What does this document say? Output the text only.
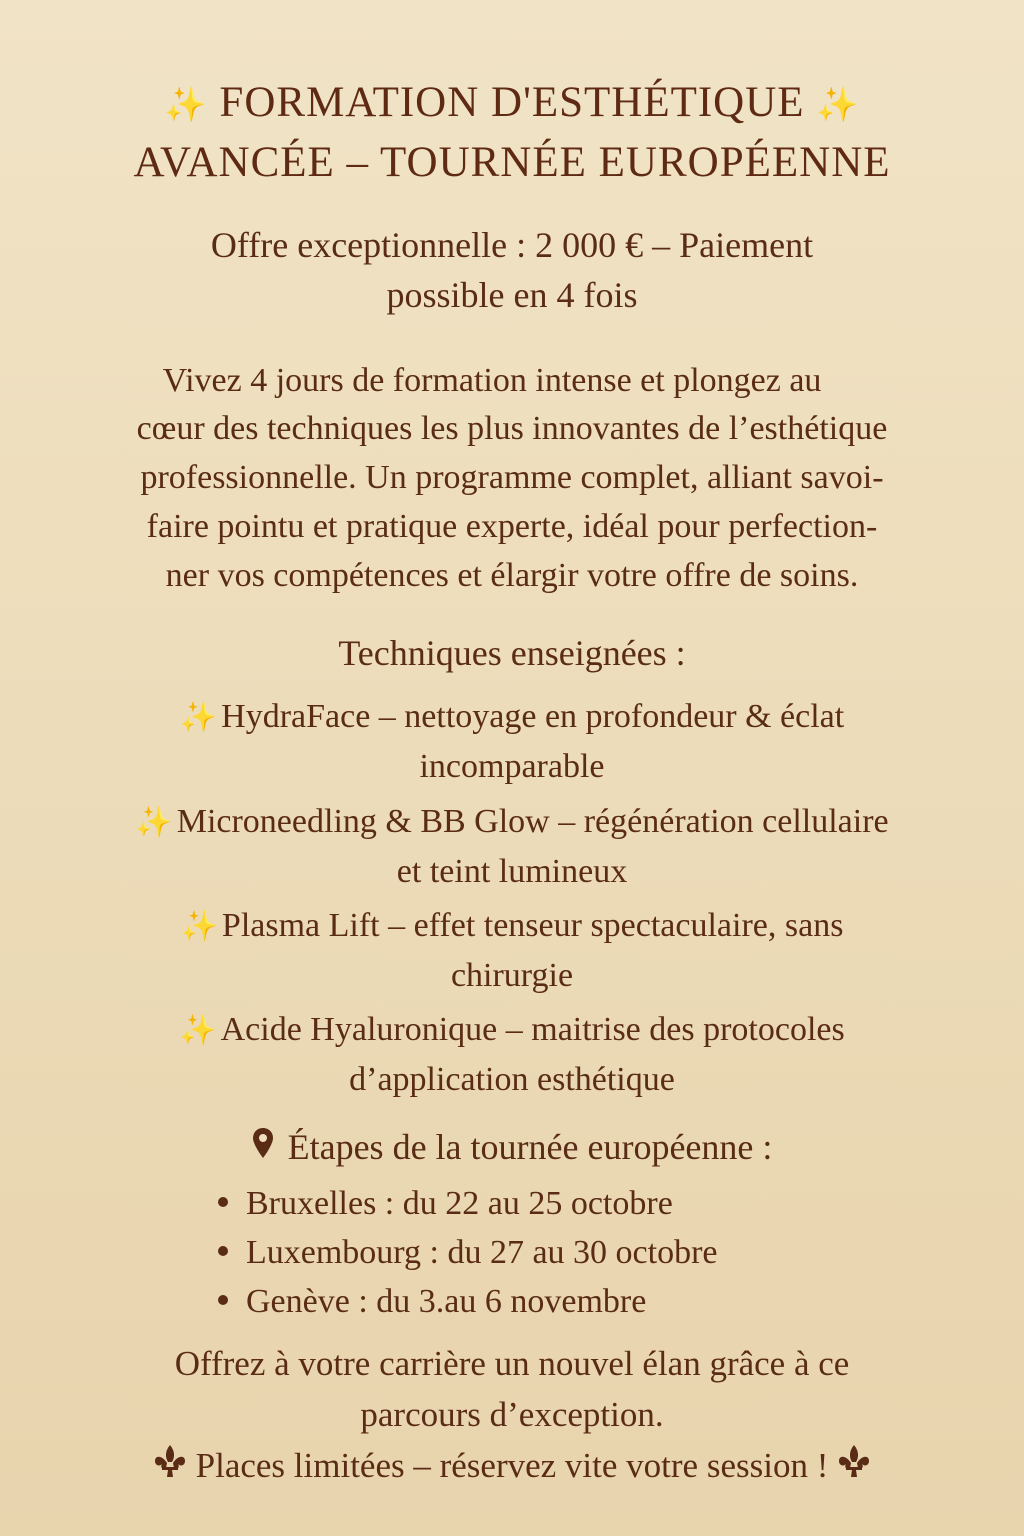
✨ FORMATION D'ESTHÉTIQUE ✨
AVANCÉE – TOURNÉE EUROPÉENNE
Offre exceptionnelle : 2 000 € – Paiement
possible en 4 fois
Vivez 4 jours de formation intense et plongez au
cœur des techniques les plus innovantes de l’esthétique
professionnelle. Un programme complet, alliant savoi-
faire pointu et pratique experte, idéal pour perfection-
ner vos compétences et élargir votre offre de soins.
Techniques enseignées :
✨ HydraFace – nettoyage en profondeur & éclat
incomparable
✨ Microneedling & BB Glow – régénération cellulaire
et teint lumineux
✨ Plasma Lift – effet tenseur spectaculaire, sans
chirurgie
✨ Acide Hyaluronique – maitrise des protocoles
d’application esthétique
Étapes de la tournée européenne :
Bruxelles : du 22 au 25 octobre
Luxembourg : du 27 au 30 octobre
Genève : du 3.au 6 novembre
Offrez à votre carrière un nouvel élan grâce à ce
parcours d’exception.
Places limitées – réservez vite votre session !
